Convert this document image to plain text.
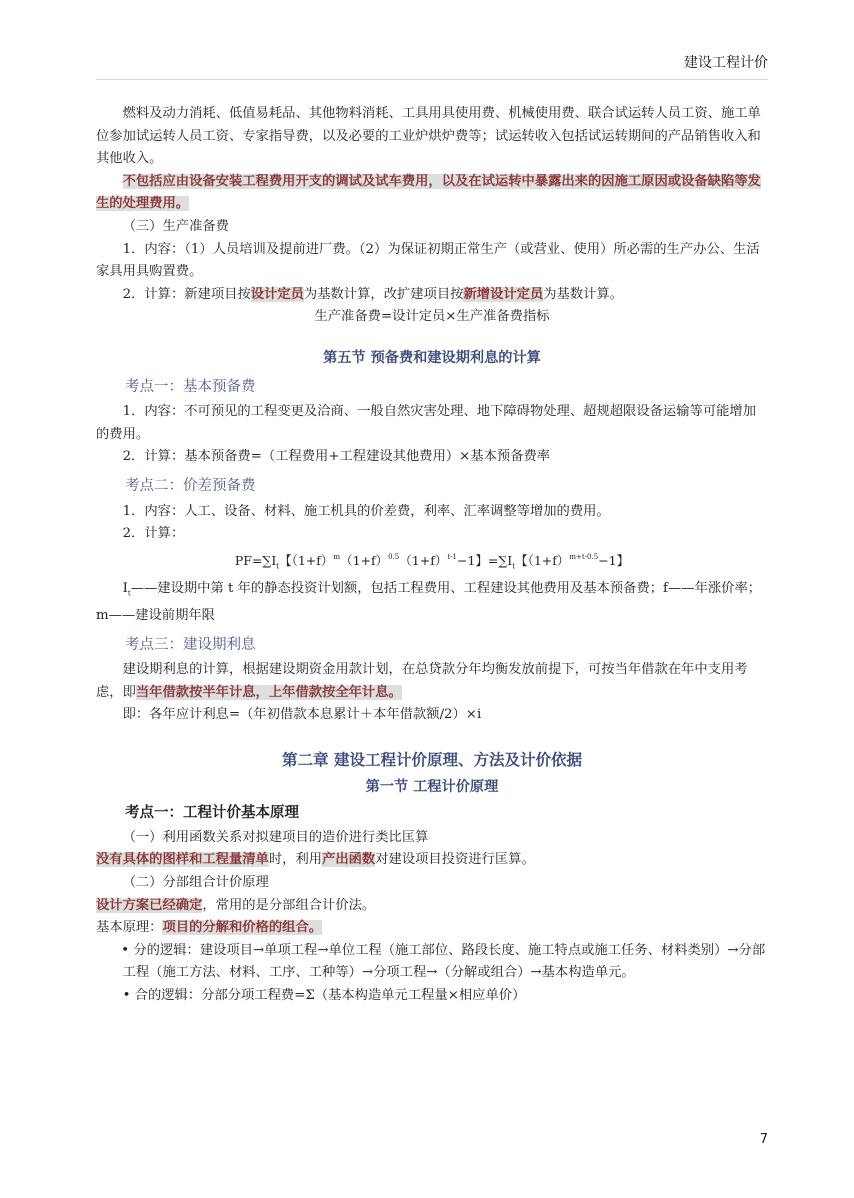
建设工程计价

燃料及动力消耗、低值易耗品、其他物料消耗、工具用具使用费、机械使用费、联合试运转人员工资、施工单位参加试运转人员工资、专家指导费，以及必要的工业炉烘炉费等；试运转收入包括试运转期间的产品销售收入和其他收入。

不包括应由设备安装工程费用开支的调试及试车费用，以及在试运转中暴露出来的因施工原因或设备缺陷等发生的处理费用。

（三）生产准备费

1．内容：（1）人员培训及提前进厂费。（2）为保证初期正常生产（或营业、使用）所必需的生产办公、生活家具用具购置费。

2．计算：新建项目按设计定员为基数计算，改扩建项目按新增设计定员为基数计算。

生产准备费=设计定员×生产准备费指标

第五节 预备费和建设期利息的计算

考点一：基本预备费

1．内容：不可预见的工程变更及洽商、一般自然灾害处理、地下障碍物处理、超规超限设备运输等可能增加的费用。

2．计算：基本预备费=（工程费用+工程建设其他费用）×基本预备费率

考点二：价差预备费

1．内容：人工、设备、材料、施工机具的价差费，利率、汇率调整等增加的费用。

2．计算：

$PF=\sum I_t$【$(1+f)^m(1+f)^{0.5}(1+f)^{t-1}-1$】$=\sum I_t$【$(1+f)^{m+t-0.5}-1$】

$I_t——$建设期中第 t 年的静态投资计划额，包括工程费用、工程建设其他费用及基本预备费；f——年涨价率；m——建设前期年限

考点三：建设期利息

建设期利息的计算，根据建设期资金用款计划，在总贷款分年均衡发放前提下，可按当年借款在年中支用考虑，即当年借款按半年计息，上年借款按全年计息。

即：各年应计利息=（年初借款本息累计＋本年借款额/2）×i

第二章 建设工程计价原理、方法及计价依据

第一节 工程计价原理

考点一：工程计价基本原理

（一）利用函数关系对拟建项目的造价进行类比匡算

没有具体的图样和工程量清单时，利用产出函数对建设项目投资进行匡算。

（二）分部组合计价原理

设计方案已经确定，常用的是分部组合计价法。

基本原理：项目的分解和价格的组合。

• 分的逻辑：建设项目→单项工程→单位工程（施工部位、路段长度、施工特点或施工任务、材料类别）→分部工程（施工方法、材料、工序、工种等）→分项工程→（分解或组合）→基本构造单元。

• 合的逻辑：分部分项工程费=Σ（基本构造单元工程量×相应单价）

7
